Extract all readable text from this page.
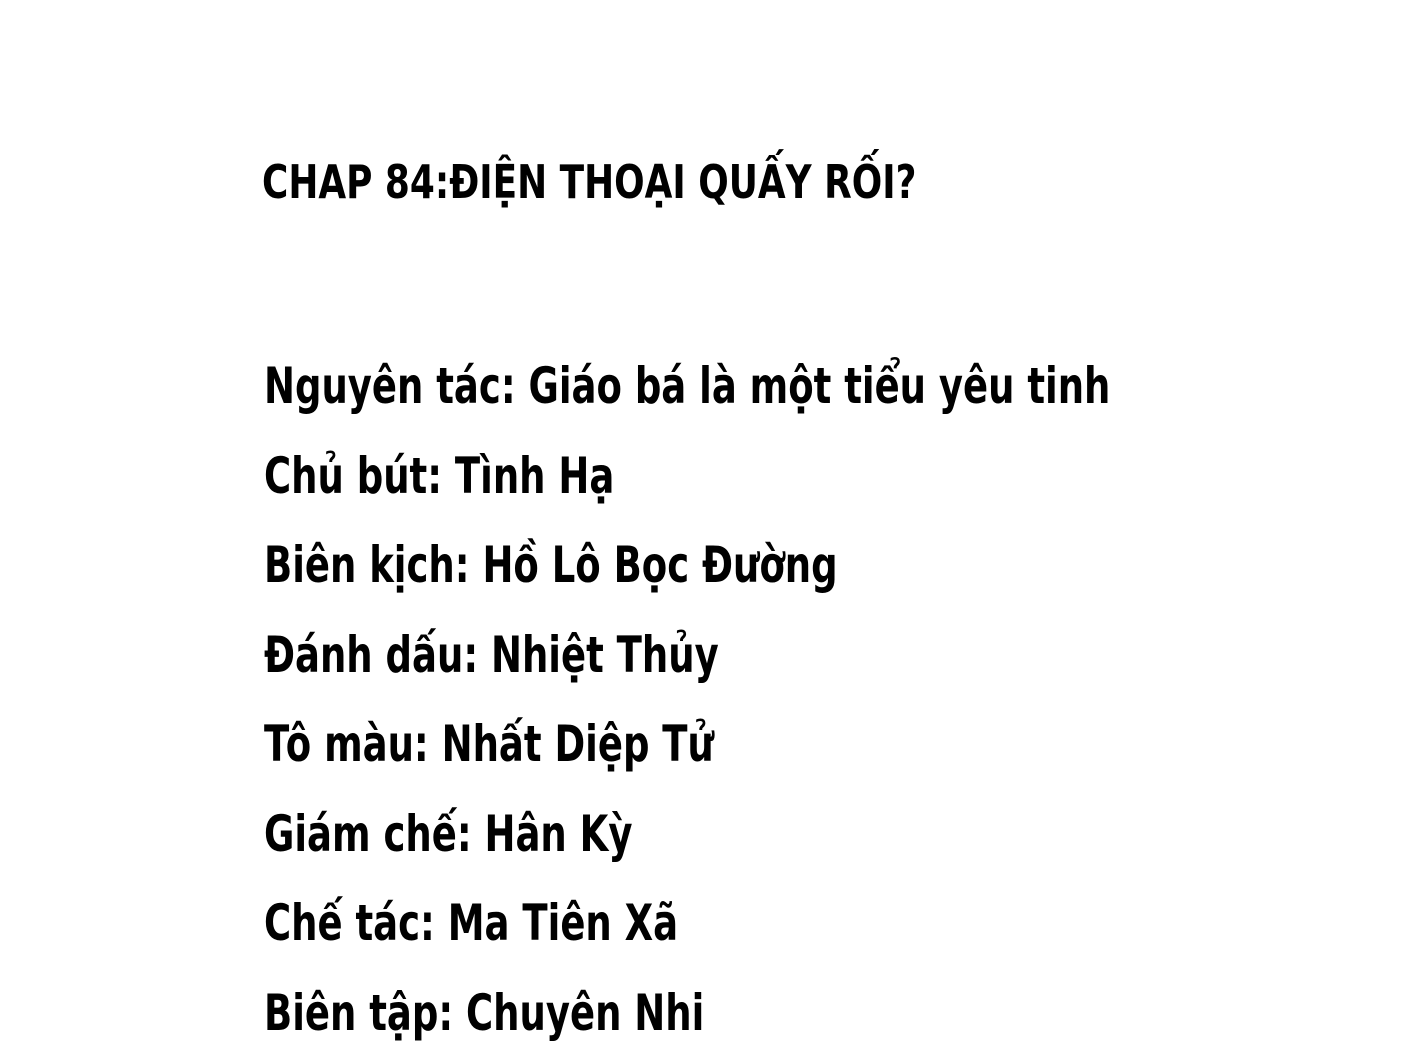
CHAP 84:ĐIỆN THOẠI QUẤY RỐI?
Nguyên tác: Giáo bá là một tiểu yêu tinh
Chủ bút: Tình Hạ
Biên kịch: Hồ Lô Bọc Đường
Đánh dấu: Nhiệt Thủy
Tô màu: Nhất Diệp Tử
Giám chế: Hân Kỳ
Chế tác: Ma Tiên Xã
Biên tập: Chuyên Nhi
